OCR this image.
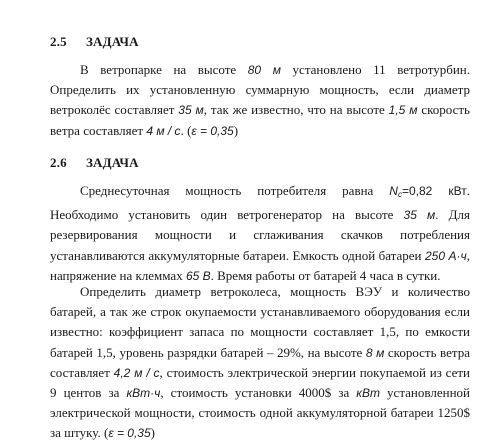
2.5 ЗАДАЧА
В ветропарке на высоте 80 м установлено 11 ветротурбин. Определить их установленную суммарную мощность, если диаметр ветроколёс составляет 35 м, так же известно, что на высоте 1,5 м скорость ветра составляет 4 м / с. (ε = 0,35)
2.6 ЗАДАЧА
Среднесуточная мощность потребителя равна $N_c=0,82$ кВт. Необходимо установить один ветрогенератор на высоте 35 м. Для резервирования мощности и сглаживания скачков потребления устанавливаются аккумуляторные батареи. Емкость одной батареи 250 А·ч, напряжение на клеммах 65 В. Время работы от батарей 4 часа в сутки.
Определить диаметр ветроколеса, мощность ВЭУ и количество батарей, а так же строк окупаемости устанавливаемого оборудования если известно: коэффициент запаса по мощности составляет 1,5, по емкости батарей 1,5, уровень разрядки батарей – 29%, на высоте 8 м скорость ветра составляет 4,2 м / с, стоимость электрической энергии покупаемой из сети 9 центов за кВт·ч, стоимость установки 4000$ за кВт установленной электрической мощности, стоимость одной аккумуляторной батареи 1250$ за штуку. (ε = 0,35)
